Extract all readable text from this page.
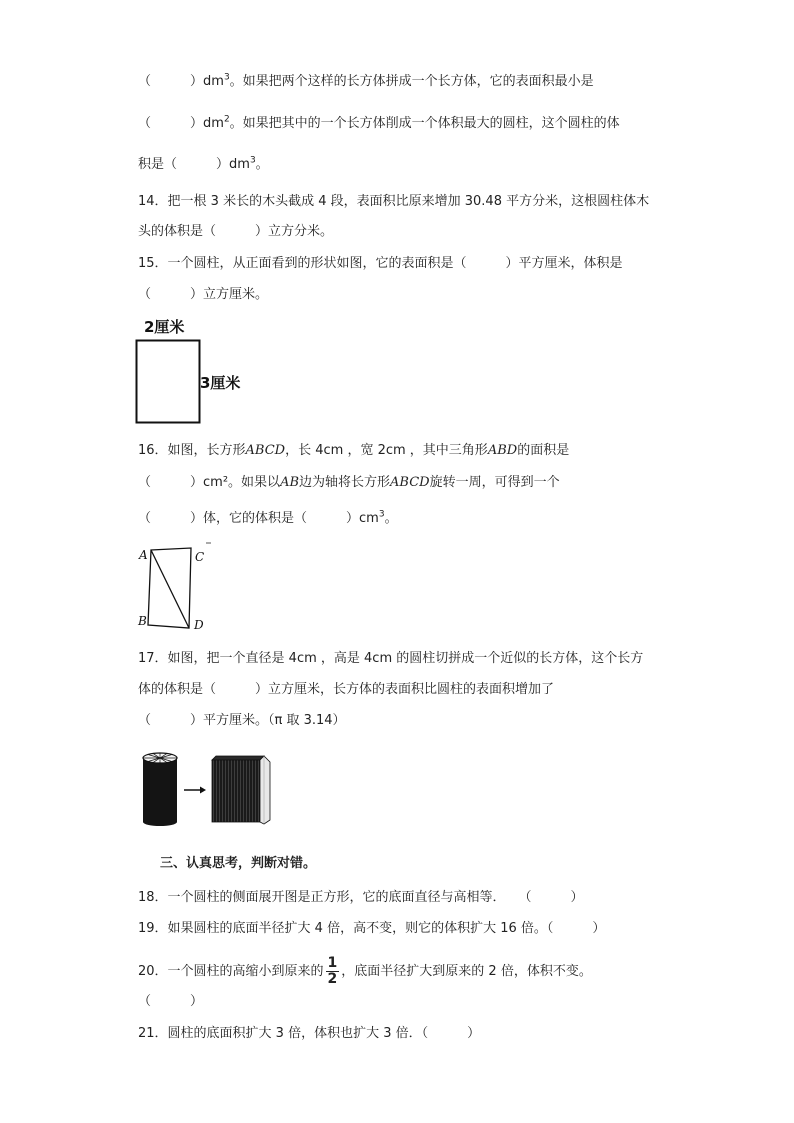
（　　　）$dm^3$。如果把两个这样的长方体拼成一个长方体，它的表面积最小是
（　　　）$dm^2$。如果把其中的一个长方体削成一个体积最大的圆柱，这个圆柱的体
积是（　　　）$dm^3$。
14．把一根 3 米长的木头截成 4 段，表面积比原来增加 30.48 平方分米，这根圆柱体木
头的体积是（　　　）立方分米。
15．一个圆柱，从正面看到的形状如图，它的表面积是（　　　）平方厘米，体积是
（　　　）立方厘米。
2厘米
3厘米
16．如图，长方形ABCD，长 4cm ，宽 2cm ，其中三角形ABD的面积是
（　　　）cm²。如果以AB边为轴将长方形ABCD旋转一周，可得到一个
（　　　）体，它的体积是（　　　）$cm^3$。
A	C
B	D
17．如图，把一个直径是 4cm ，高是 4cm 的圆柱切拼成一个近似的长方体，这个长方
体的体积是（　　　）立方厘米，长方体的表面积比圆柱的表面积增加了
（　　　）平方厘米。（π 取 3.14）
三、认真思考，判断对错。
18．一个圆柱的侧面展开图是正方形，它的底面直径与高相等．　　（　　　）
19．如果圆柱的底面半径扩大 4 倍，高不变，则它的体积扩大 16 倍。（　　　）
20．一个圆柱的高缩小到原来的 $\frac{1}{2}$ ，底面半径扩大到原来的 2 倍，体积不变。
（　　　）
21．圆柱的底面积扩大 3 倍，体积也扩大 3 倍．（　　　）
